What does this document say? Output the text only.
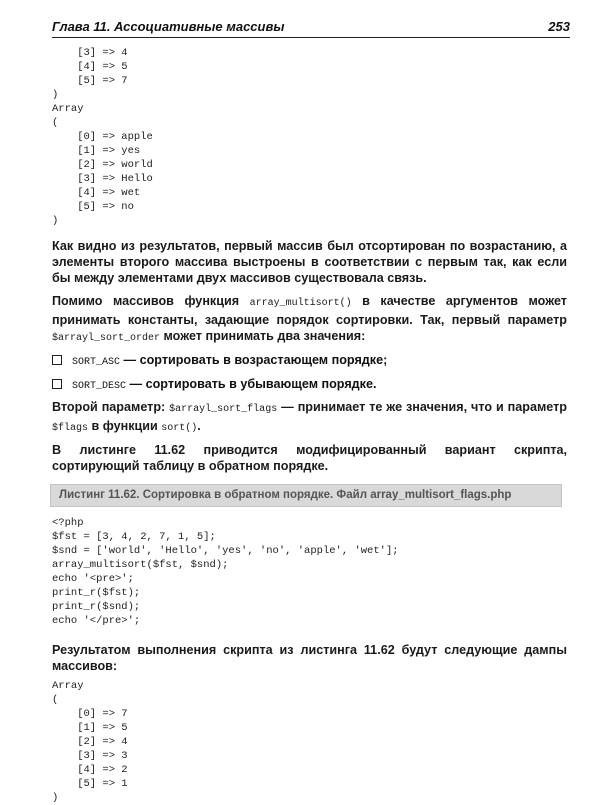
Глава 11. Ассоциативные массивы	253
[3] => 4
[4] => 5
[5] => 7
)
Array
(
[0] => apple
[1] => yes
[2] => world
[3] => Hello
[4] => wet
[5] => no
)

Как видно из результатов, первый массив был отсортирован по возрастанию, а элементы второго массива выстроены в соответствии с первым так, как если бы между элементами двух массивов существовала связь.

Помимо массивов функция array_multisort() в качестве аргументов может принимать константы, задающие порядок сортировки. Так, первый параметр $arrayl_sort_order может принимать два значения:

SORT_ASC — сортировать в возрастающем порядке;
SORT_DESC — сортировать в убывающем порядке.

Второй параметр: $arrayl_sort_flags — принимает те же значения, что и параметр $flags в функции sort().

В листинге 11.62 приводится модифицированный вариант скрипта, сортирующий таблицу в обратном порядке.

Листинг 11.62. Сортировка в обратном порядке. Файл array_multisort_flags.php
<?php
$fst = [3, 4, 2, 7, 1, 5];
$snd = ['world', 'Hello', 'yes', 'no', 'apple', 'wet'];
array_multisort($fst, $snd);
echo '<pre>';
print_r($fst);
print_r($snd);
echo '</pre>';

Результатом выполнения скрипта из листинга 11.62 будут следующие дампы массивов:

Array
(
[0] => 7
[1] => 5
[2] => 4
[3] => 3
[4] => 2
[5] => 1
)
